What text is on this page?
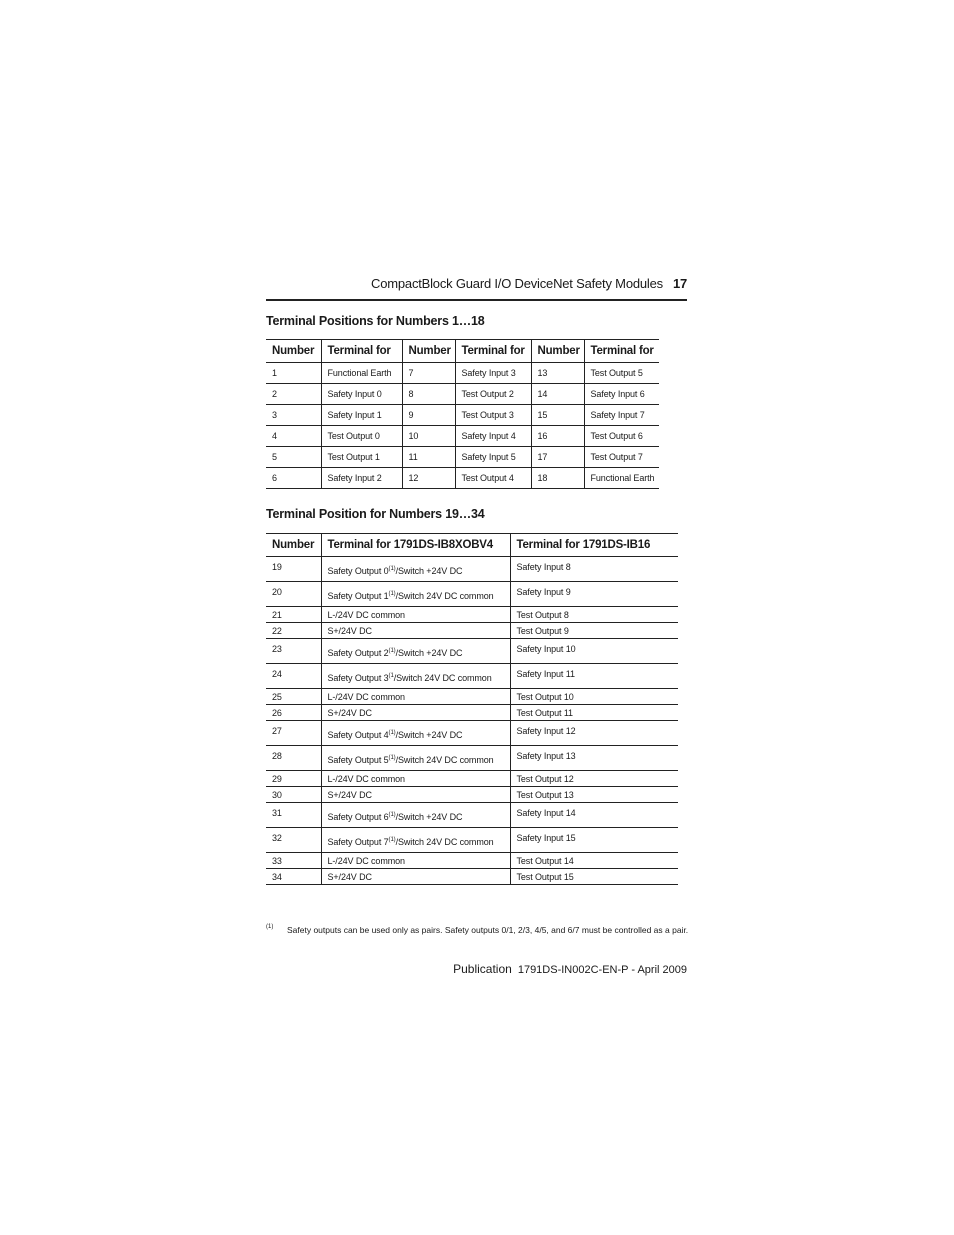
CompactBlock Guard I/O DeviceNet Safety Modules 17
Terminal Positions for Numbers 1…18
Number	Terminal for	Number	Terminal for	Number	Terminal for
1	Functional Earth	7	Safety Input 3	13	Test Output 5
2	Safety Input 0	8	Test Output 2	14	Safety Input 6
3	Safety Input 1	9	Test Output 3	15	Safety Input 7
4	Test Output 0	10	Safety Input 4	16	Test Output 6
5	Test Output 1	11	Safety Input 5	17	Test Output 7
6	Safety Input 2	12	Test Output 4	18	Functional Earth
Terminal Position for Numbers 19…34
Number	Terminal for 1791DS-IB8XOBV4	Terminal for 1791DS-IB16
19	Safety Output $0^{(1)}$/Switch +24V DC	Safety Input 8
20	Safety Output 1$^{(1)}$/Switch 24V DC common	Safety Input 9
21	L-/24V DC common	Test Output 8
22	S+/24V DC	Test Output 9
23	Safety Output $2^{(1)}$/Switch +24V DC	Safety Input 10
24	Safety Output 3$^{(1}$/Switch 24V DC common	Safety Input 11
25	L-/24V DC common	Test Output 10
26	S+/24V DC	Test Output 11
27	Safety Output $4^{(1)}$/Switch +24V DC	Safety Input 12
28	Safety Output 5$^{(1)}$/Switch 24V DC common	Safety Input 13
29	L-/24V DC common	Test Output 12
30	S+/24V DC	Test Output 13
31	Safety Output $6^{(1)}$/Switch +24V DC	Safety Input 14
32	Safety Output 7$^{(1)}$/Switch 24V DC common	Safety Input 15
33	L-/24V DC common	Test Output 14
34	S+/24V DC	Test Output 15
$^{(1)}$ Safety outputs can be used only as pairs. Safety outputs 0/1, 2/3, 4/5, and 6/7 must be controlled as a pair.
Publication 1791DS-IN002C-EN-P - April 2009
